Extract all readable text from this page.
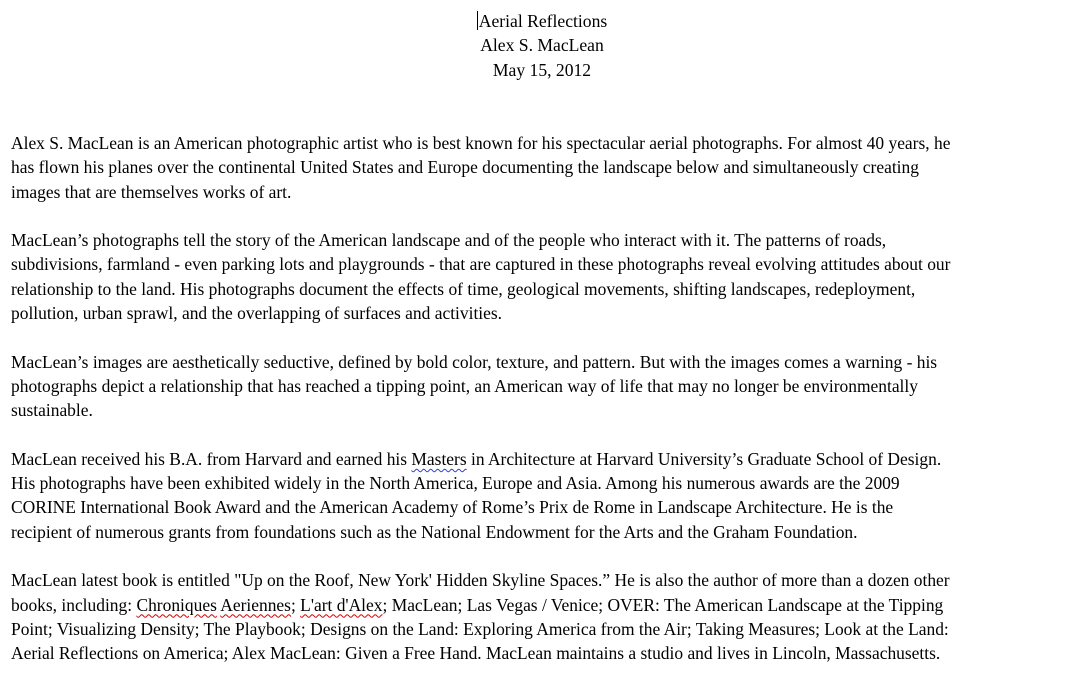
Aerial Reflections
Alex S. MacLean
May 15, 2012

Alex S. MacLean is an American photographic artist who is best known for his spectacular aerial photographs. For almost 40 years, he
has flown his planes over the continental United States and Europe documenting the landscape below and simultaneously creating
images that are themselves works of art.

MacLean’s photographs tell the story of the American landscape and of the people who interact with it. The patterns of roads,
subdivisions, farmland - even parking lots and playgrounds - that are captured in these photographs reveal evolving attitudes about our
relationship to the land. His photographs document the effects of time, geological movements, shifting landscapes, redeployment,
pollution, urban sprawl, and the overlapping of surfaces and activities.

MacLean’s images are aesthetically seductive, defined by bold color, texture, and pattern. But with the images comes a warning - his
photographs depict a relationship that has reached a tipping point, an American way of life that may no longer be environmentally
sustainable.

MacLean received his B.A. from Harvard and earned his Masters in Architecture at Harvard University’s Graduate School of Design.
His photographs have been exhibited widely in the North America, Europe and Asia. Among his numerous awards are the 2009
CORINE International Book Award and the American Academy of Rome’s Prix de Rome in Landscape Architecture. He is the
recipient of numerous grants from foundations such as the National Endowment for the Arts and the Graham Foundation.

MacLean latest book is entitled "Up on the Roof, New York' Hidden Skyline Spaces.” He is also the author of more than a dozen other
books, including: Chroniques Aeriennes; L'art d'Alex; MacLean; Las Vegas / Venice; OVER: The American Landscape at the Tipping
Point; Visualizing Density; The Playbook; Designs on the Land: Exploring America from the Air; Taking Measures; Look at the Land:
Aerial Reflections on America; Alex MacLean: Given a Free Hand. MacLean maintains a studio and lives in Lincoln, Massachusetts.
